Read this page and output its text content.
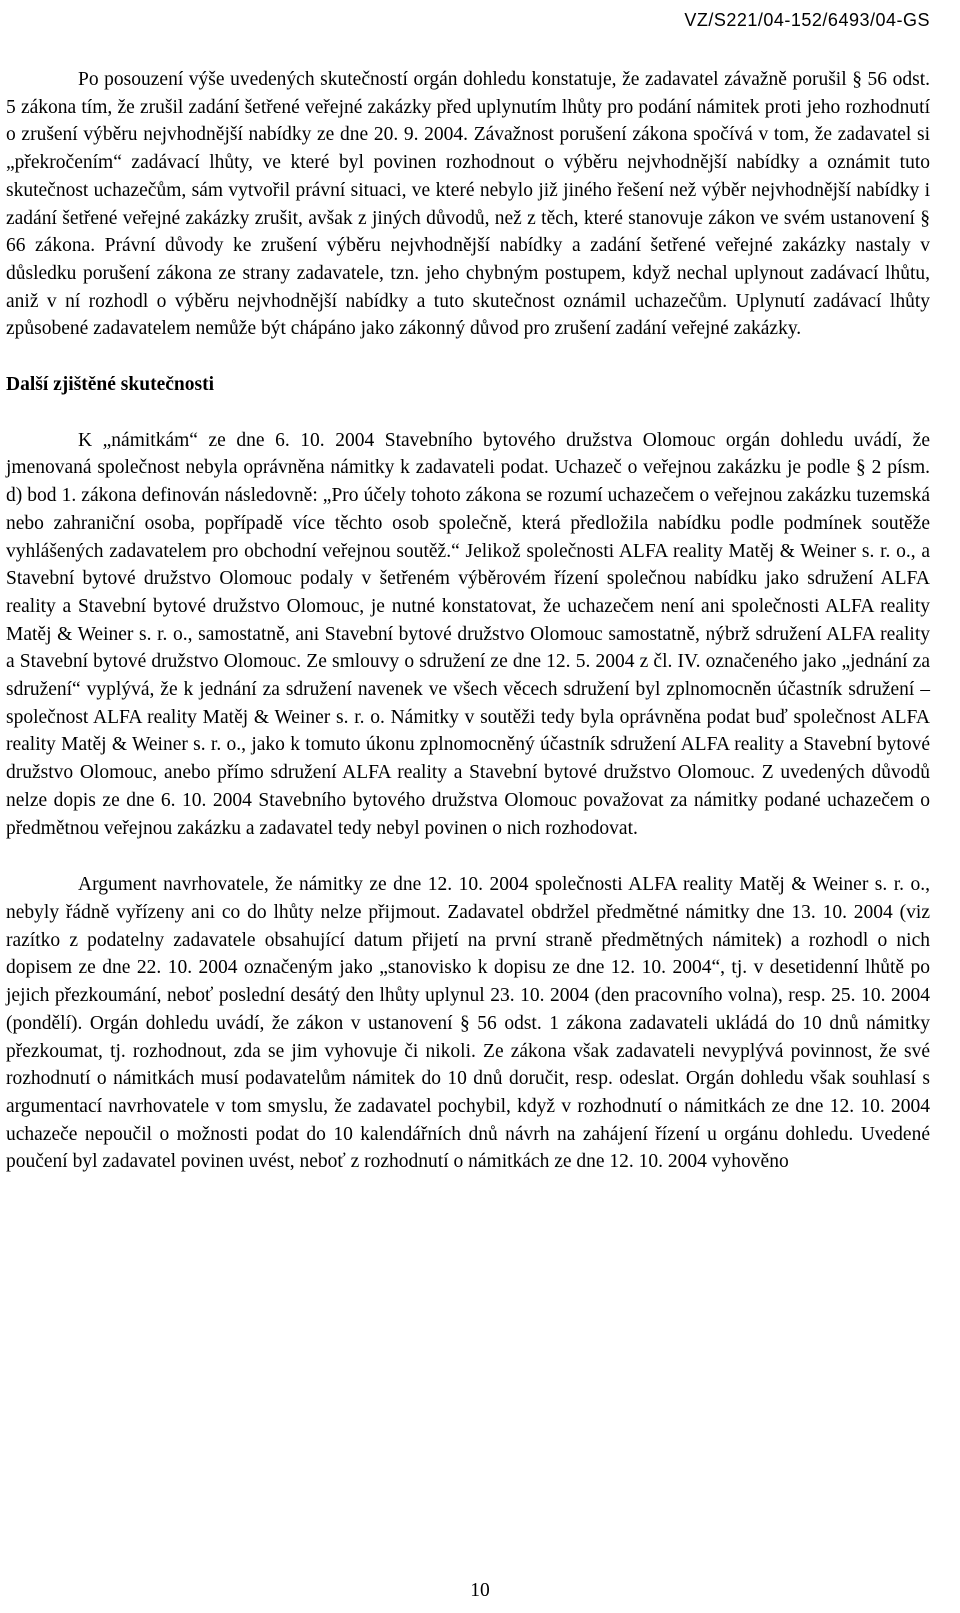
VZ/S221/04-152/6493/04-GS

Po posouzení výše uvedených skutečností orgán dohledu konstatuje, že zadavatel závažně porušil § 56 odst. 5 zákona tím, že zrušil zadání šetřené veřejné zakázky před uplynutím lhůty pro podání námitek proti jeho rozhodnutí o zrušení výběru nejvhodnější nabídky ze dne 20. 9. 2004. Závažnost porušení zákona spočívá v tom, že zadavatel si „překročením“ zadávací lhůty, ve které byl povinen rozhodnout o výběru nejvhodnější nabídky a oznámit tuto skutečnost uchazečům, sám vytvořil právní situaci, ve které nebylo již jiného řešení než výběr nejvhodnější nabídky i zadání šetřené veřejné zakázky zrušit, avšak z jiných důvodů, než z těch, které stanovuje zákon ve svém ustanovení § 66 zákona. Právní důvody ke zrušení výběru nejvhodnější nabídky a zadání šetřené veřejné zakázky nastaly v důsledku porušení zákona ze strany zadavatele, tzn. jeho chybným postupem, když nechal uplynout zadávací lhůtu, aniž v ní rozhodl o výběru nejvhodnější nabídky a tuto skutečnost oznámil uchazečům. Uplynutí zadávací lhůty způsobené zadavatelem nemůže být chápáno jako zákonný důvod pro zrušení zadání veřejné zakázky.

Další zjištěné skutečnosti

K „námitkám“ ze dne 6. 10. 2004 Stavebního bytového družstva Olomouc orgán dohledu uvádí, že jmenovaná společnost nebyla oprávněna námitky k zadavateli podat. Uchazeč o veřejnou zakázku je podle § 2 písm. d) bod 1. zákona definován následovně: „Pro účely tohoto zákona se rozumí uchazečem o veřejnou zakázku tuzemská nebo zahraniční osoba, popřípadě více těchto osob společně, která předložila nabídku podle podmínek soutěže vyhlášených zadavatelem pro obchodní veřejnou soutěž.“ Jelikož společnosti ALFA reality Matěj & Weiner s. r. o., a Stavební bytové družstvo Olomouc podaly v šetřeném výběrovém řízení společnou nabídku jako sdružení ALFA reality a Stavební bytové družstvo Olomouc, je nutné konstatovat, že uchazečem není ani společnosti ALFA reality Matěj & Weiner s. r. o., samostatně, ani Stavební bytové družstvo Olomouc samostatně, nýbrž sdružení ALFA reality a Stavební bytové družstvo Olomouc. Ze smlouvy o sdružení ze dne 12. 5. 2004 z čl. IV. označeného jako „jednání za sdružení“ vyplývá, že k jednání za sdružení navenek ve všech věcech sdružení byl zplnomocněn účastník sdružení – společnost ALFA reality Matěj & Weiner s. r. o. Námitky v soutěži tedy byla oprávněna podat buď společnost ALFA reality Matěj & Weiner s. r. o., jako k tomuto úkonu zplnomocněný účastník sdružení ALFA reality a Stavební bytové družstvo Olomouc, anebo přímo sdružení ALFA reality a Stavební bytové družstvo Olomouc. Z uvedených důvodů nelze dopis ze dne 6. 10. 2004 Stavebního bytového družstva Olomouc považovat za námitky podané uchazečem o předmětnou veřejnou zakázku a zadavatel tedy nebyl povinen o nich rozhodovat.

Argument navrhovatele, že námitky ze dne 12. 10. 2004 společnosti ALFA reality Matěj & Weiner s. r. o., nebyly řádně vyřízeny ani co do lhůty nelze přijmout. Zadavatel obdržel předmětné námitky dne 13. 10. 2004 (viz razítko z podatelny zadavatele obsahující datum přijetí na první straně předmětných námitek) a rozhodl o nich dopisem ze dne 22. 10. 2004 označeným jako „stanovisko k dopisu ze dne 12. 10. 2004“, tj. v desetidenní lhůtě po jejich přezkoumání, neboť poslední desátý den lhůty uplynul 23. 10. 2004 (den pracovního volna), resp. 25. 10. 2004 (pondělí). Orgán dohledu uvádí, že zákon v ustanovení § 56 odst. 1 zákona zadavateli ukládá do 10 dnů námitky přezkoumat, tj. rozhodnout, zda se jim vyhovuje či nikoli. Ze zákona však zadavateli nevyplývá povinnost, že své rozhodnutí o námitkách musí podavatelům námitek do 10 dnů doručit, resp. odeslat. Orgán dohledu však souhlasí s argumentací navrhovatele v tom smyslu, že zadavatel pochybil, když v rozhodnutí o námitkách ze dne 12. 10. 2004 uchazeče nepoučil o možnosti podat do 10 kalendářních dnů návrh na zahájení řízení u orgánu dohledu. Uvedené poučení byl zadavatel povinen uvést, neboť z rozhodnutí o námitkách ze dne 12. 10. 2004 vyhověno

10
